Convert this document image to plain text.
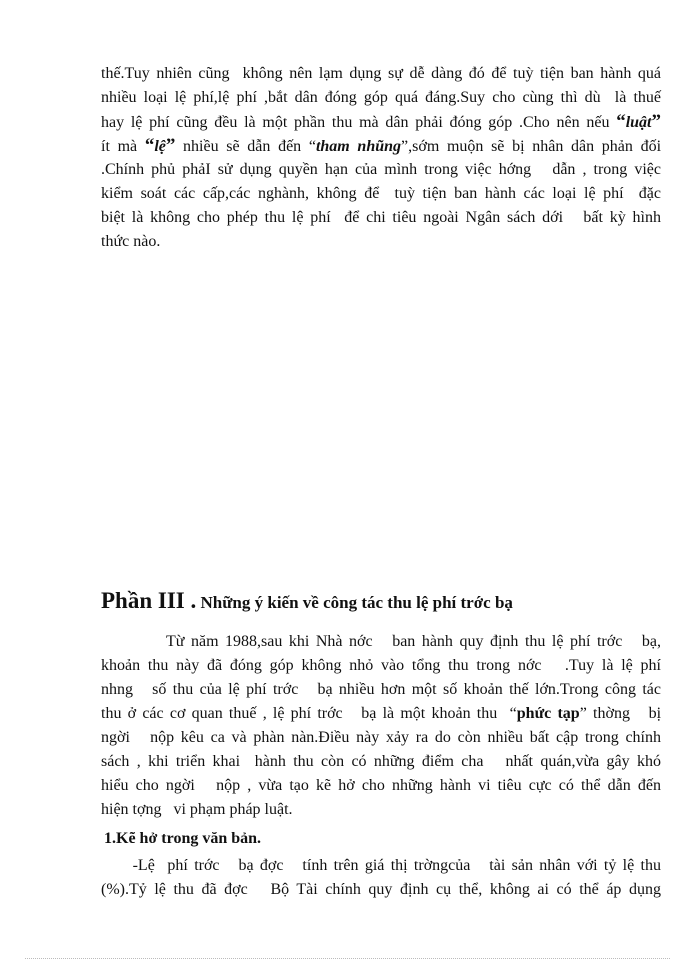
thế.Tuy nhiên cũng  không nên lạm dụng sự dễ dàng đó để tuỳ tiện ban hành quá
nhiều loại lệ phí,lệ phí ,bắt dân đóng góp quá đáng.Suy cho cùng thì dù  là thuế
hay lệ phí cũng đều là một phần thu mà dân phải đóng góp .Cho nên nếu “luật”
ít mà “lệ” nhiều sẽ dẫn đến “tham nhũng”,sớm muộn sẽ bị nhân dân phản đối
.Chính phủ phảI sử dụng quyền hạn của mình trong việc hớng   dẫn , trong việc
kiểm soát các cấp,các nghành, không để  tuỳ tiện ban hành các loại lệ phí  đặc
biệt là không cho phép thu lệ phí  để chi tiêu ngoài Ngân sách dới   bất kỳ hình
thức nào.
Phần III . Những ý kiến về công tác thu lệ phí trớc bạ
Từ năm 1988,sau khi Nhà nớc   ban hành quy định thu lệ phí trớc   bạ,
khoản thu này đã đóng góp không nhỏ vào tổng thu trong nớc   .Tuy là lệ phí
nhng   số thu của lệ phí trớc   bạ nhiều hơn một số khoản thế lớn.Trong công tác
thu ở các cơ quan thuế , lệ phí trớc   bạ là một khoản thu  “phức tạp” thờng   bị
ngời   nộp kêu ca và phàn nàn.Điều này xảy ra do còn nhiều bất cập trong chính
sách , khi triển khai  hành thu còn có những điểm cha   nhất quán,vừa gây khó
hiểu cho ngời   nộp , vừa tạo kẽ hở cho những hành vi tiêu cực có thể dẫn đến
hiện tợng   vi phạm pháp luật.
1.Kẽ hở trong văn bản.
-Lệ  phí trớc   bạ đợc   tính trên giá thị trờngcủa   tài sản nhân với tỷ lệ thu
(%).Tỷ lệ thu đã đợc   Bộ Tài chính quy định cụ thể, không ai có thể áp dụng
